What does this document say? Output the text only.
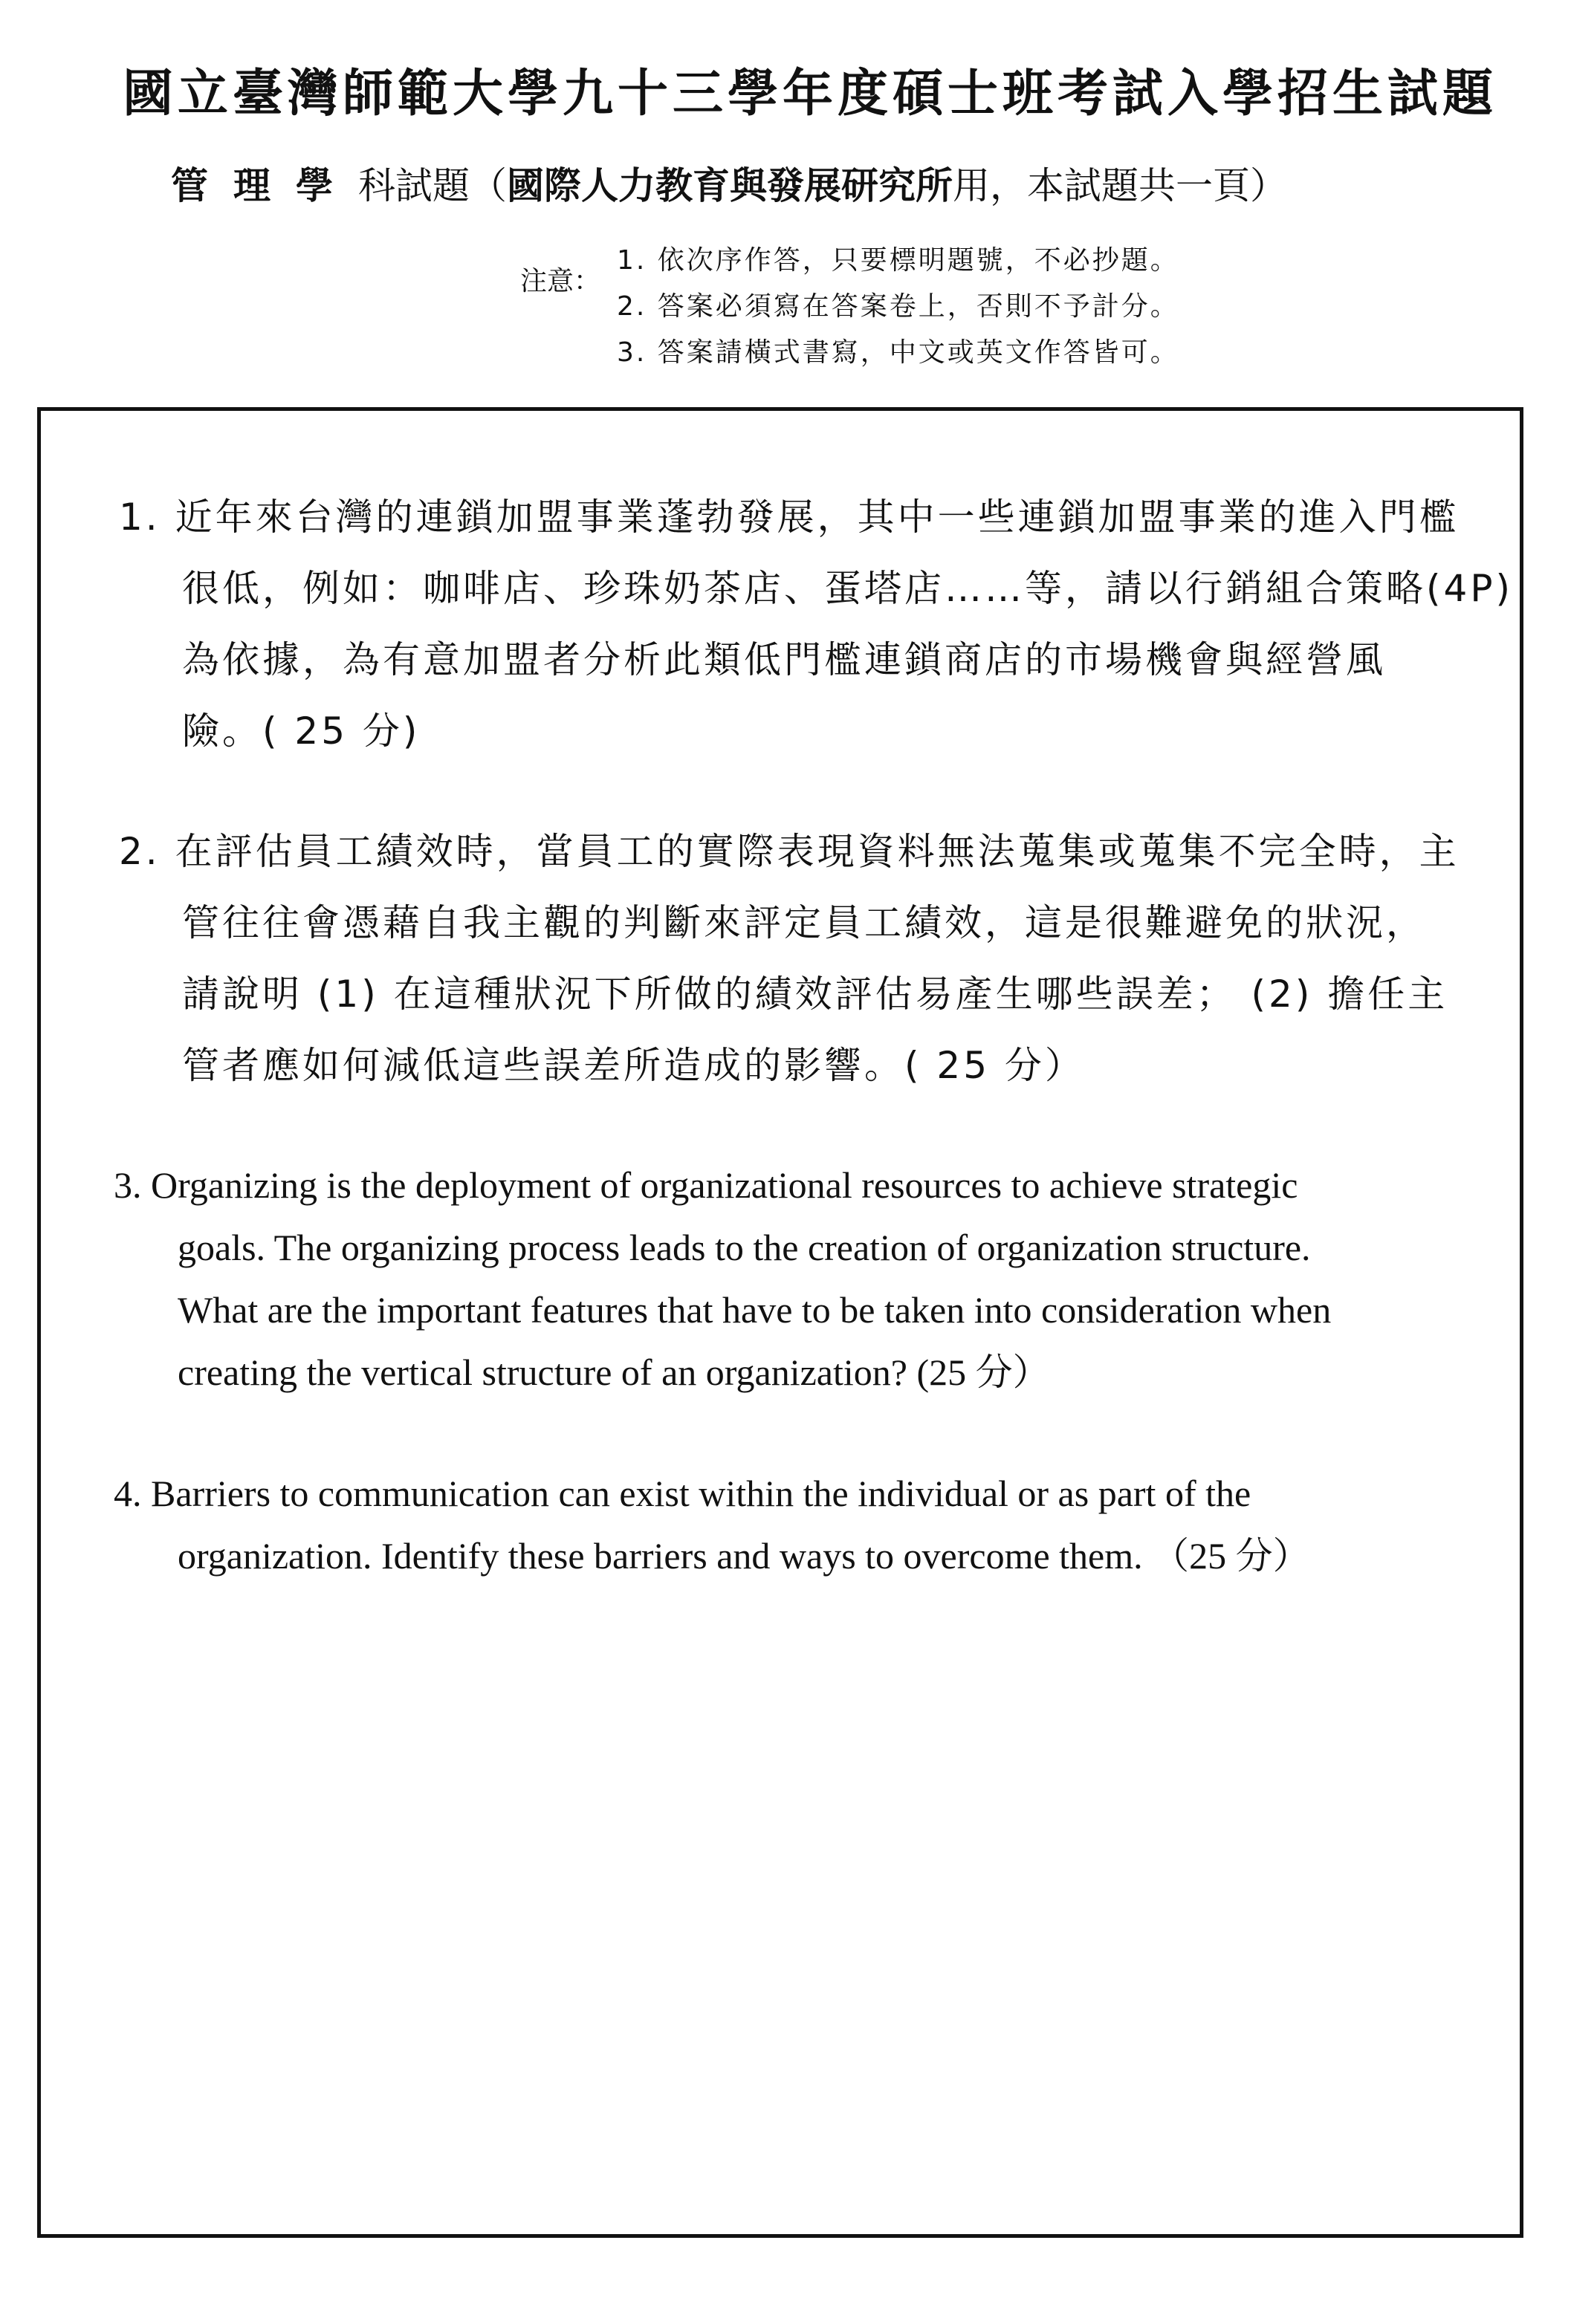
國立臺灣師範大學九十三學年度碩士班考試入學招生試題
管理學科試題（國際人力教育與發展研究所用，本試題共一頁）
注意：
1. 依次序作答，只要標明題號，不必抄題。
2. 答案必須寫在答案卷上，否則不予計分。
3. 答案請橫式書寫，中文或英文作答皆可。
1. 近年來台灣的連鎖加盟事業蓬勃發展，其中一些連鎖加盟事業的進入門檻
很低，例如：咖啡店、珍珠奶茶店、蛋塔店……等，請以行銷組合策略(4P)
為依據，為有意加盟者分析此類低門檻連鎖商店的市場機會與經營風
險。( 25 分)
2. 在評估員工績效時，當員工的實際表現資料無法蒐集或蒐集不完全時，主
管往往會憑藉自我主觀的判斷來評定員工績效，這是很難避免的狀況，
請說明 (1) 在這種狀況下所做的績效評估易產生哪些誤差； (2) 擔任主
管者應如何減低這些誤差所造成的影響。( 25 分）
3. Organizing is the deployment of organizational resources to achieve strategic
goals. The organizing process leads to the creation of organization structure.
What are the important features that have to be taken into consideration when
creating the vertical structure of an organization? (25 分）
4. Barriers to communication can exist within the individual or as part of the
organization. Identify these barriers and ways to overcome them. （25 分）
